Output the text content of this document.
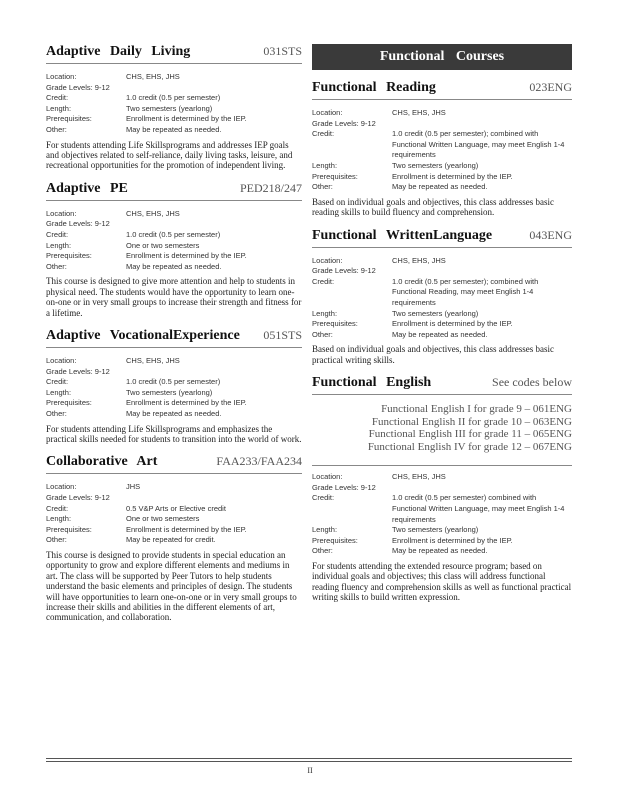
Adaptive Daily Living	031STS
Location:	CHS, EHS, JHS
Grade Levels: 9-12
Credit:	1.0 credit (0.5 per semester)
Length:	Two semesters (yearlong)
Prerequisites:	Enrollment is determined by the IEP.
Other:	May be repeated as needed.
For students attending Life Skillsprograms and addresses IEP goals and objectives related to self-reliance, daily living tasks, leisure, and recreational opportunities for the promotion of independent living.
Adaptive PE	PED218/247
Location:	CHS, EHS, JHS
Grade Levels: 9-12
Credit:	1.0 credit (0.5 per semester)
Length:	One or two semesters
Prerequisites:	Enrollment is determined by the IEP.
Other:	May be repeated as needed.
This course is designed to give more attention and help to students in physical need. The students would have the opportunity to learn one-on-one or in very small groups to increase their strength and fitness for a lifetime.
Adaptive VocationalExperience 051STS
Location:	CHS, EHS, JHS
Grade Levels: 9-12
Credit:	1.0 credit (0.5 per semester)
Length:	Two semesters (yearlong)
Prerequisites:	Enrollment is determined by the IEP.
Other:	May be repeated as needed.
For students attending Life Skillsprograms and emphasizes the practical skills needed for students to transition into the world of work.
Collaborative Art	FAA233/FAA234
Location:	JHS
Grade Levels: 9-12
Credit:	0.5 V&P Arts or Elective credit
Length:	One or two semesters
Prerequisites:	Enrollment is determined by the IEP.
Other:	May be repeated for credit.
This course is designed to provide students in special education an opportunity to grow and explore different elements and mediums in art. The class will be supported by Peer Tutors to help students understand the basic elements and principles of design. The students will have opportunities to learn one-on-one or in very small groups to increase their skills and abilities in the different elements of art, communication, and collaboration.
Functional Courses
Functional Reading	023ENG
Location:	CHS, EHS, JHS
Grade Levels: 9-12
Credit:	1.0 credit (0.5 per semester); combined with Functional Written Language, may meet English 1-4 requirements
Length:	Two semesters (yearlong)
Prerequisites:	Enrollment is determined by the IEP.
Other:	May be repeated as needed.
Based on individual goals and objectives, this class addresses basic reading skills to build fluency and comprehension.
Functional WrittenLanguage	043ENG
Location:	CHS, EHS, JHS
Grade Levels: 9-12
Credit:	1.0 credit (0.5 per semester); combined with Functional Reading, may meet English 1-4 requirements
Length:	Two semesters (yearlong)
Prerequisites:	Enrollment is determined by the IEP.
Other:	May be repeated as needed.
Based on individual goals and objectives, this class addresses basic practical writing skills.
Functional English	See codes below
Functional English I for grade 9 – 061ENG
Functional English II for grade 10 – 063ENG
Functional English III for grade 11 – 065ENG
Functional English IV for grade 12 – 067ENG
Location:	CHS, EHS, JHS
Grade Levels: 9-12
Credit:	1.0 credit (0.5 per semester) combined with Functional Written Language, may meet English 1-4 requirements
Length:	Two semesters (yearlong)
Prerequisites:	Enrollment is determined by the IEP.
Other:	May be repeated as needed.
For students attending the extended resource program; based on individual goals and objectives; this class will address functional reading fluency and comprehension skills as well as functional practical writing skills to build written expression.
II
